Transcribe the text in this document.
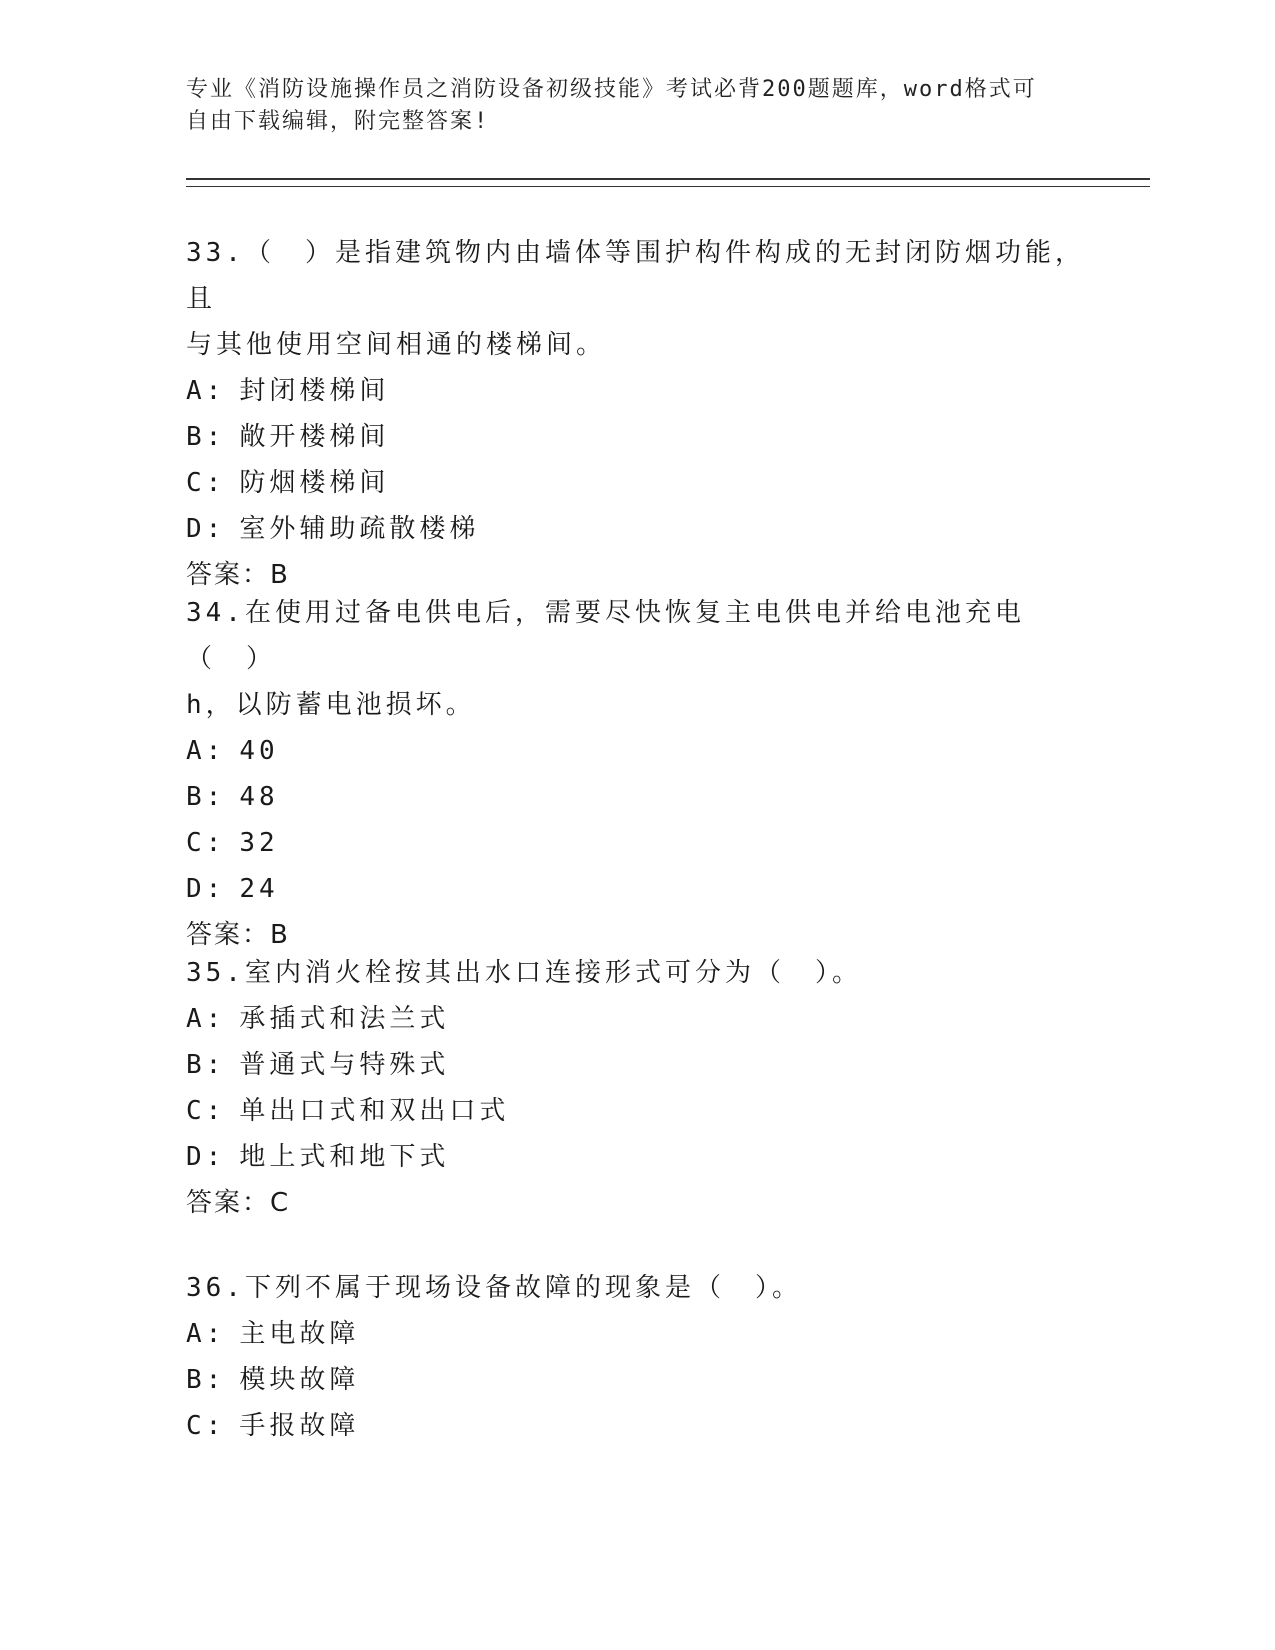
专业《消防设施操作员之消防设备初级技能》考试必背200题题库，word格式可
自由下载编辑，附完整答案!
33.（　）是指建筑物内由墙体等围护构件构成的无封闭防烟功能，且
与其他使用空间相通的楼梯间。
A: 封闭楼梯间
B: 敞开楼梯间
C: 防烟楼梯间
D: 室外辅助疏散楼梯
答案：B
34.在使用过备电供电后，需要尽快恢复主电供电并给电池充电（　）
h，以防蓄电池损坏。
A: 40
B: 48
C: 32
D: 24
答案：B
35.室内消火栓按其出水口连接形式可分为（　）。
A: 承插式和法兰式
B: 普通式与特殊式
C: 单出口式和双出口式
D: 地上式和地下式
答案：C
36.下列不属于现场设备故障的现象是（　）。
A: 主电故障
B: 模块故障
C: 手报故障
